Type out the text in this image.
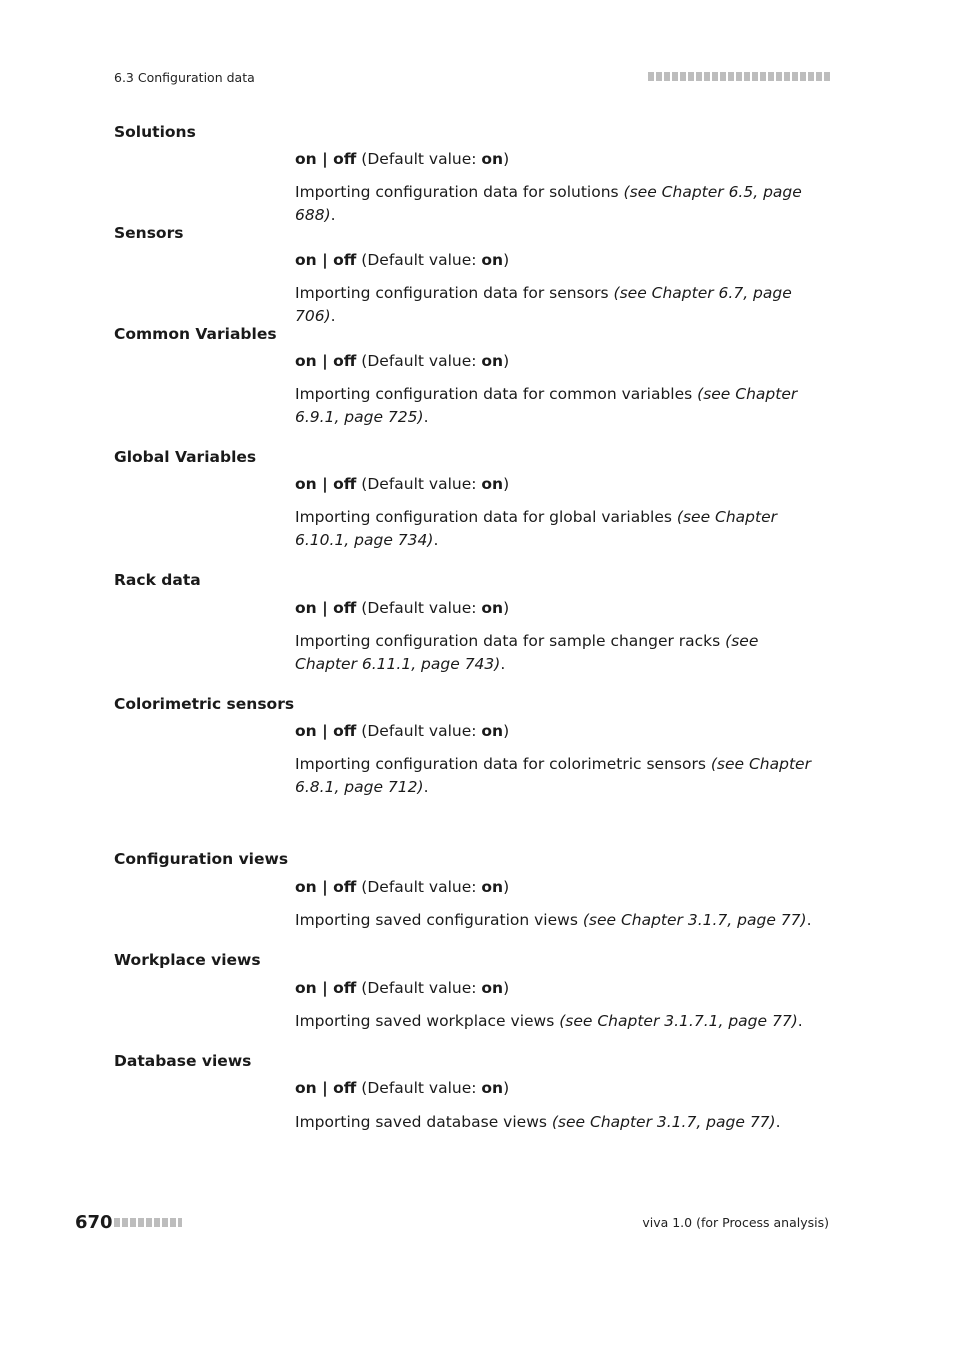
6.3 Configuration data
Solutions
on | off (Default value: on)
Importing configuration data for solutions (see Chapter 6.5, page 688).
Sensors
on | off (Default value: on)
Importing configuration data for sensors (see Chapter 6.7, page 706).
Common Variables
on | off (Default value: on)
Importing configuration data for common variables (see Chapter 6.9.1, page 725).
Global Variables
on | off (Default value: on)
Importing configuration data for global variables (see Chapter 6.10.1, page 734).
Rack data
on | off (Default value: on)
Importing configuration data for sample changer racks (see Chapter 6.11.1, page 743).
Colorimetric sensors
on | off (Default value: on)
Importing configuration data for colorimetric sensors (see Chapter 6.8.1, page 712).
Configuration views
on | off (Default value: on)
Importing saved configuration views (see Chapter 3.1.7, page 77).
Workplace views
on | off (Default value: on)
Importing saved workplace views (see Chapter 3.1.7.1, page 77).
Database views
on | off (Default value: on)
Importing saved database views (see Chapter 3.1.7, page 77).
670	viva 1.0 (for Process analysis)
